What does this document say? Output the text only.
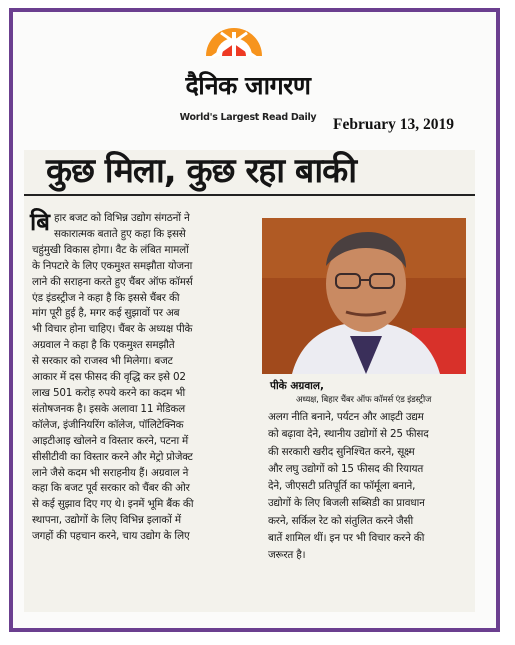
दैनिक जागरण
World's Largest Read Daily	February 13, 2019
कुछ मिला, कुछ रहा बाकी
बि हार बजट को विभिन्न उद्योग संगठनों ने
सकारात्मक बताते हुए कहा कि इससे
चहुंमुखी विकास होगा। वैट के लंबित मामलों
के निपटारे के लिए एकमुश्त समझौता योजना
लाने की सराहना करते हुए चैंबर ऑफ कॉमर्स
एंड इंडस्ट्रीज ने कहा है कि इससे चैंबर की
मांग पूरी हुई है, मगर कई सुझावों पर अब
भी विचार होना चाहिए। चैंबर के अध्यक्ष पीके
अग्रवाल ने कहा है कि एकमुश्त समझौते
से सरकार को राजस्व भी मिलेगा। बजट
आकार में दस फीसद की वृद्धि कर इसे 02
लाख 501 करोड़ रुपये करने का कदम भी
संतोषजनक है। इसके अलावा 11 मेडिकल
कॉलेज, इंजीनियरिंग कॉलेज, पॉलिटेक्निक
आइटीआइ खोलने व विस्तार करने, पटना में
सीसीटीवी का विस्तार करने और मेट्रो प्रोजेक्ट
लाने जैसे कदम भी सराहनीय हैं। अग्रवाल ने
कहा कि बजट पूर्व सरकार को चैंबर की ओर
से कई सुझाव दिए गए थे। इनमें भूमि बैंक की
स्थापना, उद्योगों के लिए विभिन्न इलाकों में
जगहों की पहचान करने, चाय उद्योग के लिए
पीके अग्रवाल,
अध्यक्ष, बिहार चैंबर ऑफ कॉमर्स एंड इंडस्ट्रीज
अलग नीति बनाने, पर्यटन और आइटी उद्यम
को बढ़ावा देने, स्थानीय उद्योगों से 25 फीसद
की सरकारी खरीद सुनिश्चित करने, सूक्ष्म
और लघु उद्योगों को 15 फीसद की रियायत
देने, जीएसटी प्रतिपूर्ति का फॉर्मूला बनाने,
उद्योगों के लिए बिजली सब्सिडी का प्रावधान
करने, सर्किल रेट को संतुलित करने जैसी
बातें शामिल थीं। इन पर भी विचार करने की
जरूरत है।
